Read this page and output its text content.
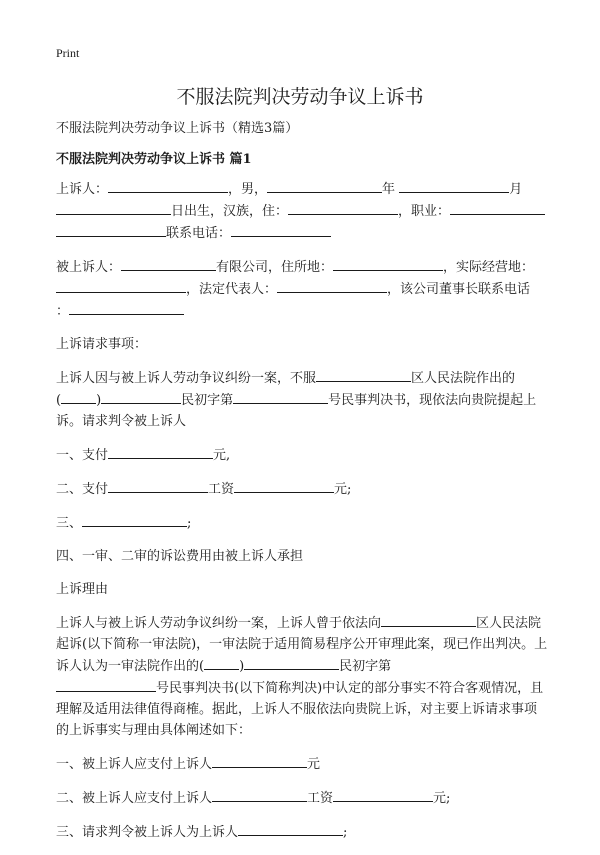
Print
不服法院判决劳动争议上诉书

不服法院判决劳动争议上诉书（精选3篇）

不服法院判决劳动争议上诉书 篇1

上诉人：	，男，	年	月
日出生，汉族，住：	，职业：
联系电话：

被上诉人：	有限公司，住所地：	，实际经营地：
，法定代表人：	，该公司董事长联系电话
：

上诉请求事项：

上诉人因与被上诉人劳动争议纠纷一案，不服	区人民法院作出的
(	)	民初字第	号民事判决书，现依法向贵院提起上诉。请求判令被上诉人

一、支付	元,

二、支付	工资	元;

三、	;

四、一审、二审的诉讼费用由被上诉人承担

上诉理由

上诉人与被上诉人劳动争议纠纷一案，上诉人曾于依法向	区人民法院起诉(以下简称一审法院)，一审法院于适用简易程序公开审理此案，现已作出判决。上诉人认为一审法院作出的(	)	民初字第
号民事判决书(以下简称判决)中认定的部分事实不符合客观情况，且理解及适用法律值得商榷。据此，上诉人不服依法向贵院上诉，对主要上诉请求事项的上诉事实与理由具体阐述如下：

一、被上诉人应支付上诉人	元

二、被上诉人应支付上诉人	工资	元;

三、请求判令被上诉人为上诉人	;
